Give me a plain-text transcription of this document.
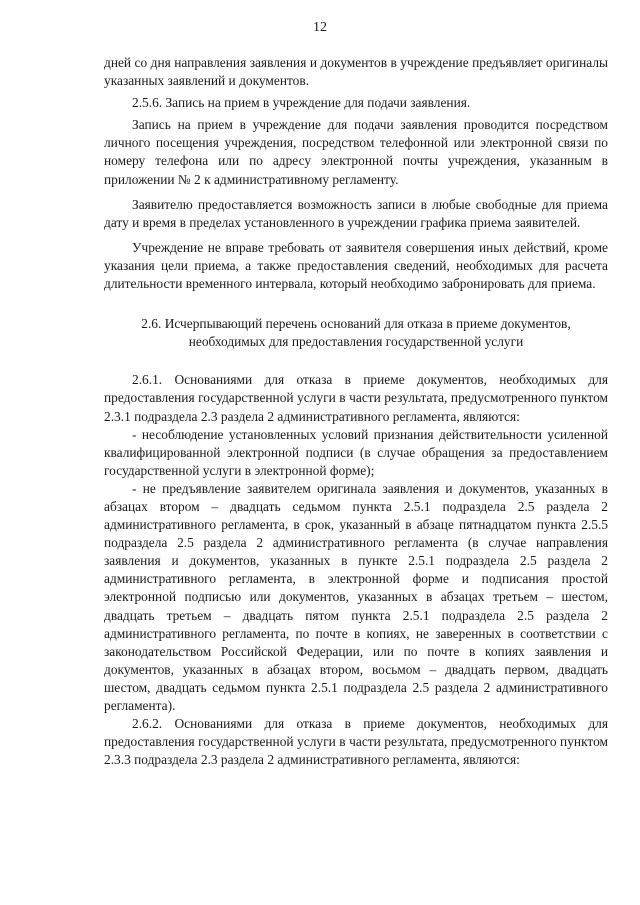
12

дней со дня направления заявления и документов в учреждение предъявляет оригиналы указанных заявлений и документов.

2.5.6. Запись на прием в учреждение для подачи заявления.

Запись на прием в учреждение для подачи заявления проводится посредством личного посещения учреждения, посредством телефонной или электронной связи по номеру телефона или по адресу электронной почты учреждения, указанным в приложении № 2 к административному регламенту.

Заявителю предоставляется возможность записи в любые свободные для приема дату и время в пределах установленного в учреждении графика приема заявителей.

Учреждение не вправе требовать от заявителя совершения иных действий, кроме указания цели приема, а также предоставления сведений, необходимых для расчета длительности временного интервала, который необходимо забронировать для приема.

2.6. Исчерпывающий перечень оснований для отказа в приеме документов, необходимых для предоставления государственной услуги

2.6.1. Основаниями для отказа в приеме документов, необходимых для предоставления государственной услуги в части результата, предусмотренного пунктом 2.3.1 подраздела 2.3 раздела 2 административного регламента, являются:

- несоблюдение установленных условий признания действительности усиленной квалифицированной электронной подписи (в случае обращения за предоставлением государственной услуги в электронной форме);

- не предъявление заявителем оригинала заявления и документов, указанных в абзацах втором – двадцать седьмом пункта 2.5.1 подраздела 2.5 раздела 2 административного регламента, в срок, указанный в абзаце пятнадцатом пункта 2.5.5 подраздела 2.5 раздела 2 административного регламента (в случае направления заявления и документов, указанных в пункте 2.5.1 подраздела 2.5 раздела 2 административного регламента, в электронной форме и подписания простой электронной подписью или документов, указанных в абзацах третьем – шестом, двадцать третьем – двадцать пятом пункта 2.5.1 подраздела 2.5 раздела 2 административного регламента, по почте в копиях, не заверенных в соответствии с законодательством Российской Федерации, или по почте в копиях заявления и документов, указанных в абзацах втором, восьмом – двадцать первом, двадцать шестом, двадцать седьмом пункта 2.5.1 подраздела 2.5 раздела 2 административного регламента).

2.6.2. Основаниями для отказа в приеме документов, необходимых для предоставления государственной услуги в части результата, предусмотренного пунктом 2.3.3 подраздела 2.3 раздела 2 административного регламента, являются:
